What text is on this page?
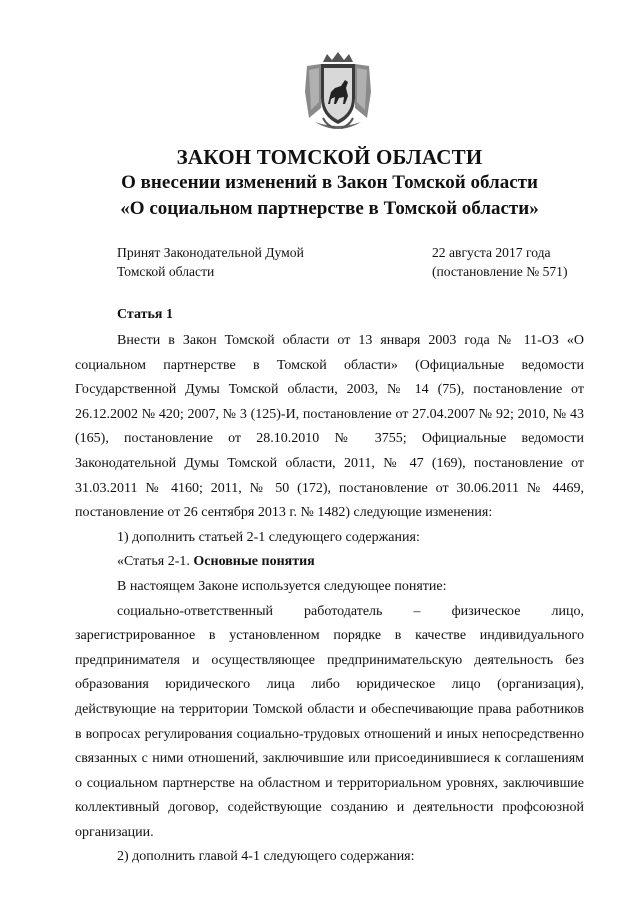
ЗАКОН ТОМСКОЙ ОБЛАСТИ
О внесении изменений в Закон Томской области
«О социальном партнерстве в Томской области»
Принят Законодательной Думой
Томской области
22 августа 2017 года
(постановление № 571)
Статья 1

Внести в Закон Томской области от 13 января 2003 года № 11-ОЗ «О социальном партнерстве в Томской области» (Официальные ведомости Государственной Думы Томской области, 2003, № 14 (75), постановление от 26.12.2002 № 420; 2007, № 3 (125)-И, постановление от 27.04.2007 № 92; 2010, № 43 (165), постановление от 28.10.2010 № 3755; Официальные ведомости Законодательной Думы Томской области, 2011, № 47 (169), постановление от 31.03.2011 № 4160; 2011, № 50 (172), постановление от 30.06.2011 № 4469, постановление от 26 сентября 2013 г. № 1482) следующие изменения:

1) дополнить статьей 2-1 следующего содержания:

«Статья 2-1. Основные понятия

В настоящем Законе используется следующее понятие:

социально-ответственный работодатель – физическое лицо, зарегистрированное в установленном порядке в качестве индивидуального предпринимателя и осуществляющее предпринимательскую деятельность без образования юридического лица либо юридическое лицо (организация), действующие на территории Томской области и обеспечивающие права работников в вопросах регулирования социально-трудовых отношений и иных непосредственно связанных с ними отношений, заключившие или присоединившиеся к соглашениям о социальном партнерстве на областном и территориальном уровнях, заключившие коллективный договор, содействующие созданию и деятельности профсоюзной организации.

2) дополнить главой 4-1 следующего содержания:
